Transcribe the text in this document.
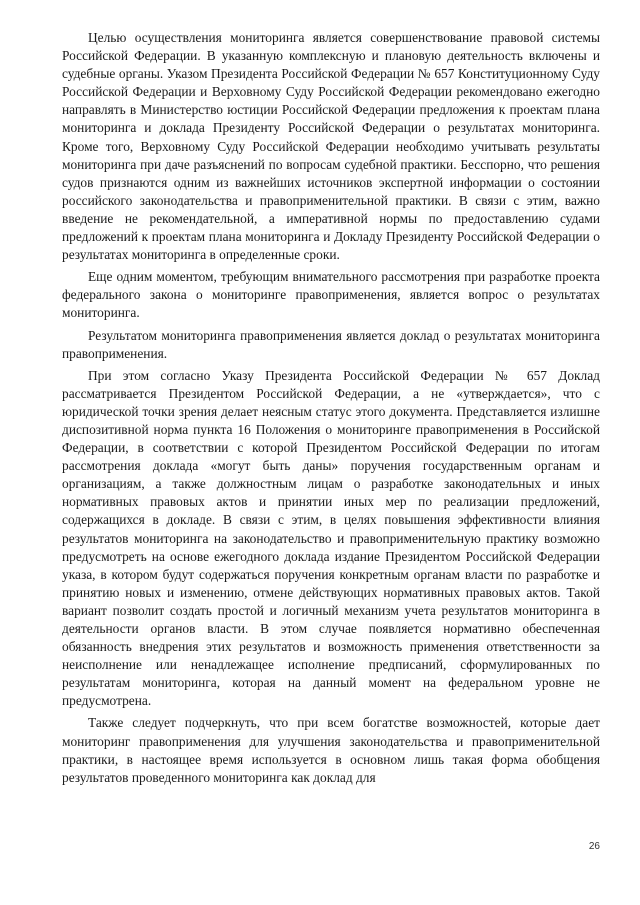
Целью осуществления мониторинга является совершенствование правовой системы Российской Федерации. В указанную комплексную и плановую деятельность включены и судебные органы. Указом Президента Российской Федерации № 657 Конституционному Суду Российской Федерации и Верховному Суду Российской Федерации рекомендовано ежегодно направлять в Министерство юстиции Российской Федерации предложения к проектам плана мониторинга и доклада Президенту Российской Федерации о результатах мониторинга. Кроме того, Верховному Суду Российской Федерации необходимо учитывать результаты мониторинга при даче разъяснений по вопросам судебной практики. Бесспорно, что решения судов признаются одним из важнейших источников экспертной информации о состоянии российского законодательства и правоприменительной практики. В связи с этим, важно введение не рекомендательной, а императивной нормы по предоставлению судами предложений к проектам плана мониторинга и Докладу Президенту Российской Федерации о результатах мониторинга в определенные сроки.

Еще одним моментом, требующим внимательного рассмотрения при разработке проекта федерального закона о мониторинге правоприменения, является вопрос о результатах мониторинга.

Результатом мониторинга правоприменения является доклад о результатах мониторинга правоприменения.

При этом согласно Указу Президента Российской Федерации № 657 Доклад рассматривается Президентом Российской Федерации, а не «утверждается», что с юридической точки зрения делает неясным статус этого документа. Представляется излишне диспозитивной норма пункта 16 Положения о мониторинге правоприменения в Российской Федерации, в соответствии с которой Президентом Российской Федерации по итогам рассмотрения доклада «могут быть даны» поручения государственным органам и организациям, а также должностным лицам о разработке законодательных и иных нормативных правовых актов и принятии иных мер по реализации предложений, содержащихся в докладе. В связи с этим, в целях повышения эффективности влияния результатов мониторинга на законодательство и правоприменительную практику возможно предусмотреть на основе ежегодного доклада издание Президентом Российской Федерации указа, в котором будут содержаться поручения конкретным органам власти по разработке и принятию новых и изменению, отмене действующих нормативных правовых актов. Такой вариант позволит создать простой и логичный механизм учета результатов мониторинга в деятельности органов власти. В этом случае появляется нормативно обеспеченная обязанность внедрения этих результатов и возможность применения ответственности за неисполнение или ненадлежащее исполнение предписаний, сформулированных по результатам мониторинга, которая на данный момент на федеральном уровне не предусмотрена.

Также следует подчеркнуть, что при всем богатстве возможностей, которые дает мониторинг правоприменения для улучшения законодательства и правоприменительной практики, в настоящее время используется в основном лишь такая форма обобщения результатов проведенного мониторинга как доклад для

26
